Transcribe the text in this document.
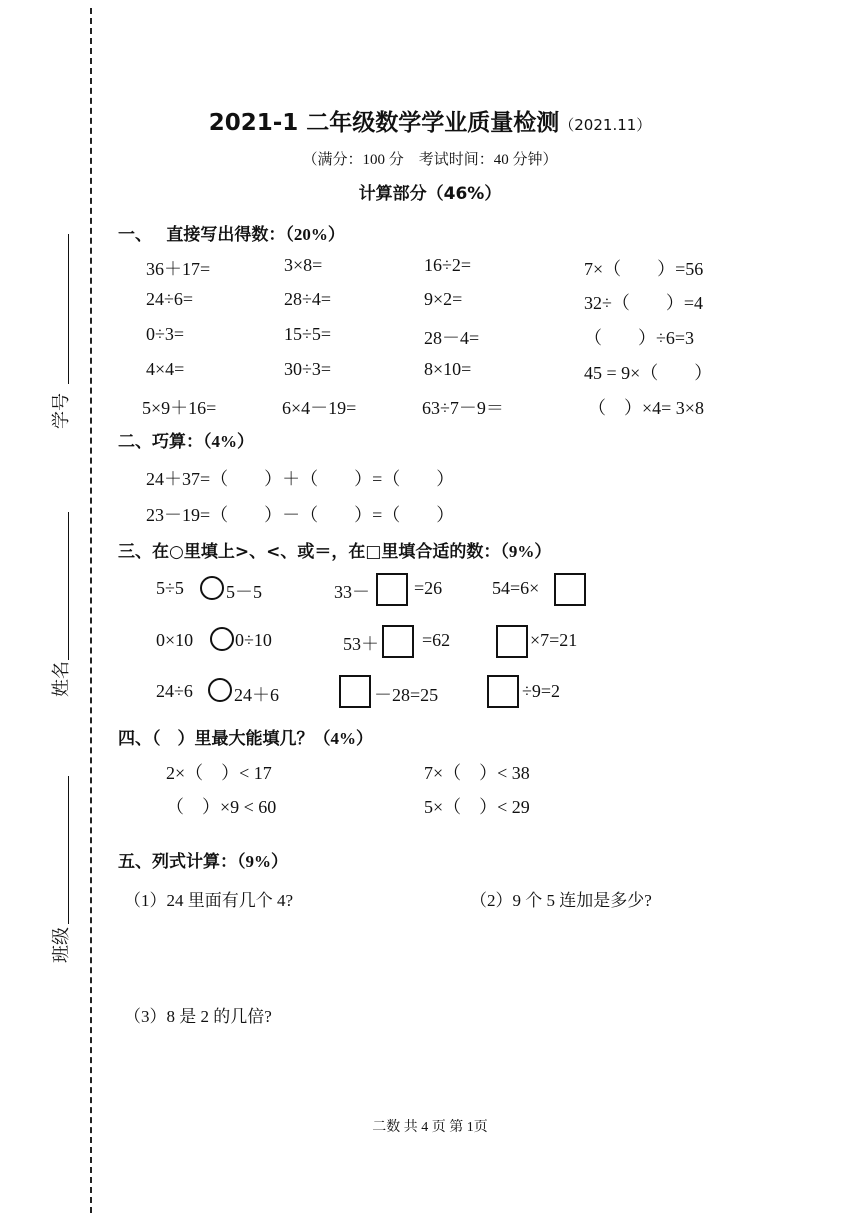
学号
姓名
班级
2021-1 二年级数学学业质量检测（2021.11）
（满分：100 分　考试时间：40 分钟）
计算部分（46%）
一、　 直接写出得数：（20%）
36＋17=	3×8=	16÷2=	7×（　　）=56
24÷6=	28÷4=	9×2=	32÷（　　）=4
0÷3=	15÷5=	28－4=	（　　）÷6=3
4×4=	30÷3=	8×10=	45 = 9×（　　）
5×9＋16=	6×4－19=	63÷7－9＝	（　）×4= 3×8
二、巧算：（4%）
24＋37=（　　）＋（　　）=（　　）
23－19=（　　）－（　　）=（　　）
三、在○里填上>、<、或＝，在□里填合适的数：（9%）
5÷5 5－5	33－ =26	54=6×
0×10 0÷10	53＋ =62	×7=21
24÷6 24＋6	－28=25	÷9=2
四、（　）里最大能填几？（4%）
2×（　）< 17	7×（　）< 38
（　）×9 < 60	5×（　）< 29
五、列式计算：（9%）
（1）24 里面有几个 4?	（2）9 个 5 连加是多少?
（3）8 是 2 的几倍?
二数 共 4 页 第 1页
